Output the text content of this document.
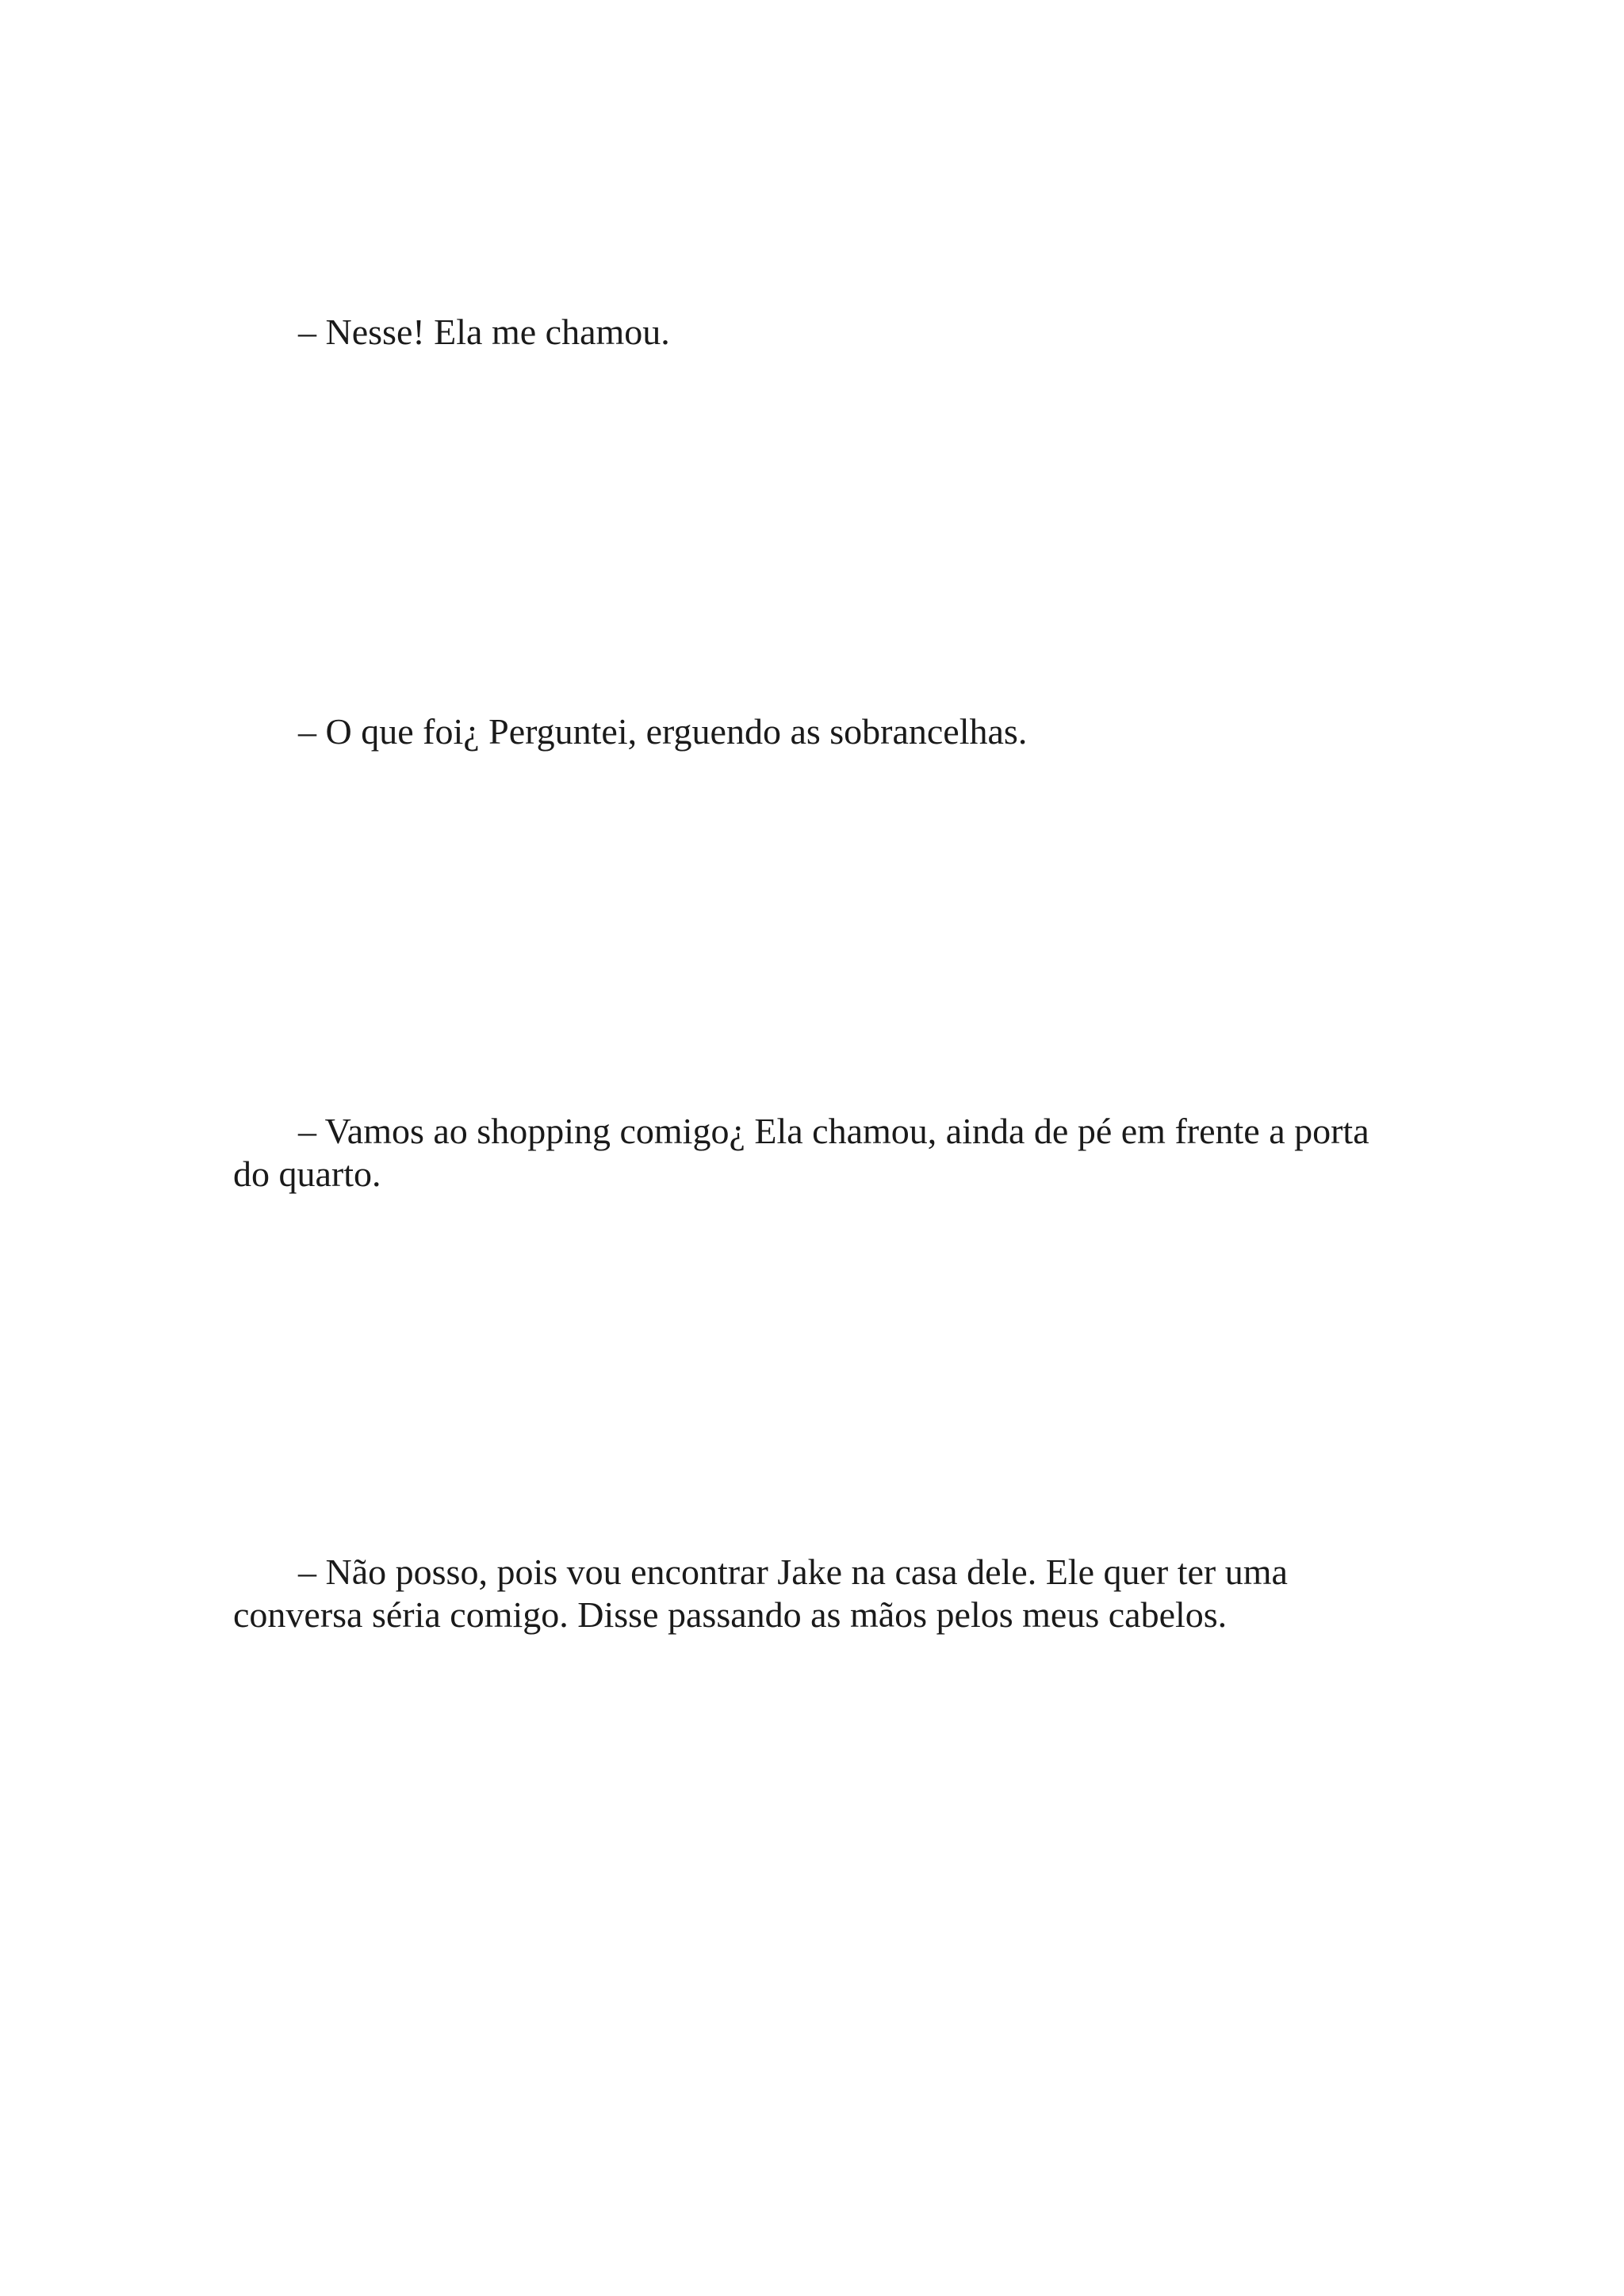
– Nesse! Ela me chamou.

– O que foi¿ Perguntei, erguendo as sobrancelhas.

– Vamos ao shopping comigo¿ Ela chamou, ainda de pé em frente a porta do quarto.

– Não posso, pois vou encontrar Jake na casa dele. Ele quer ter uma conversa séria comigo. Disse passando as mãos pelos meus cabelos.
